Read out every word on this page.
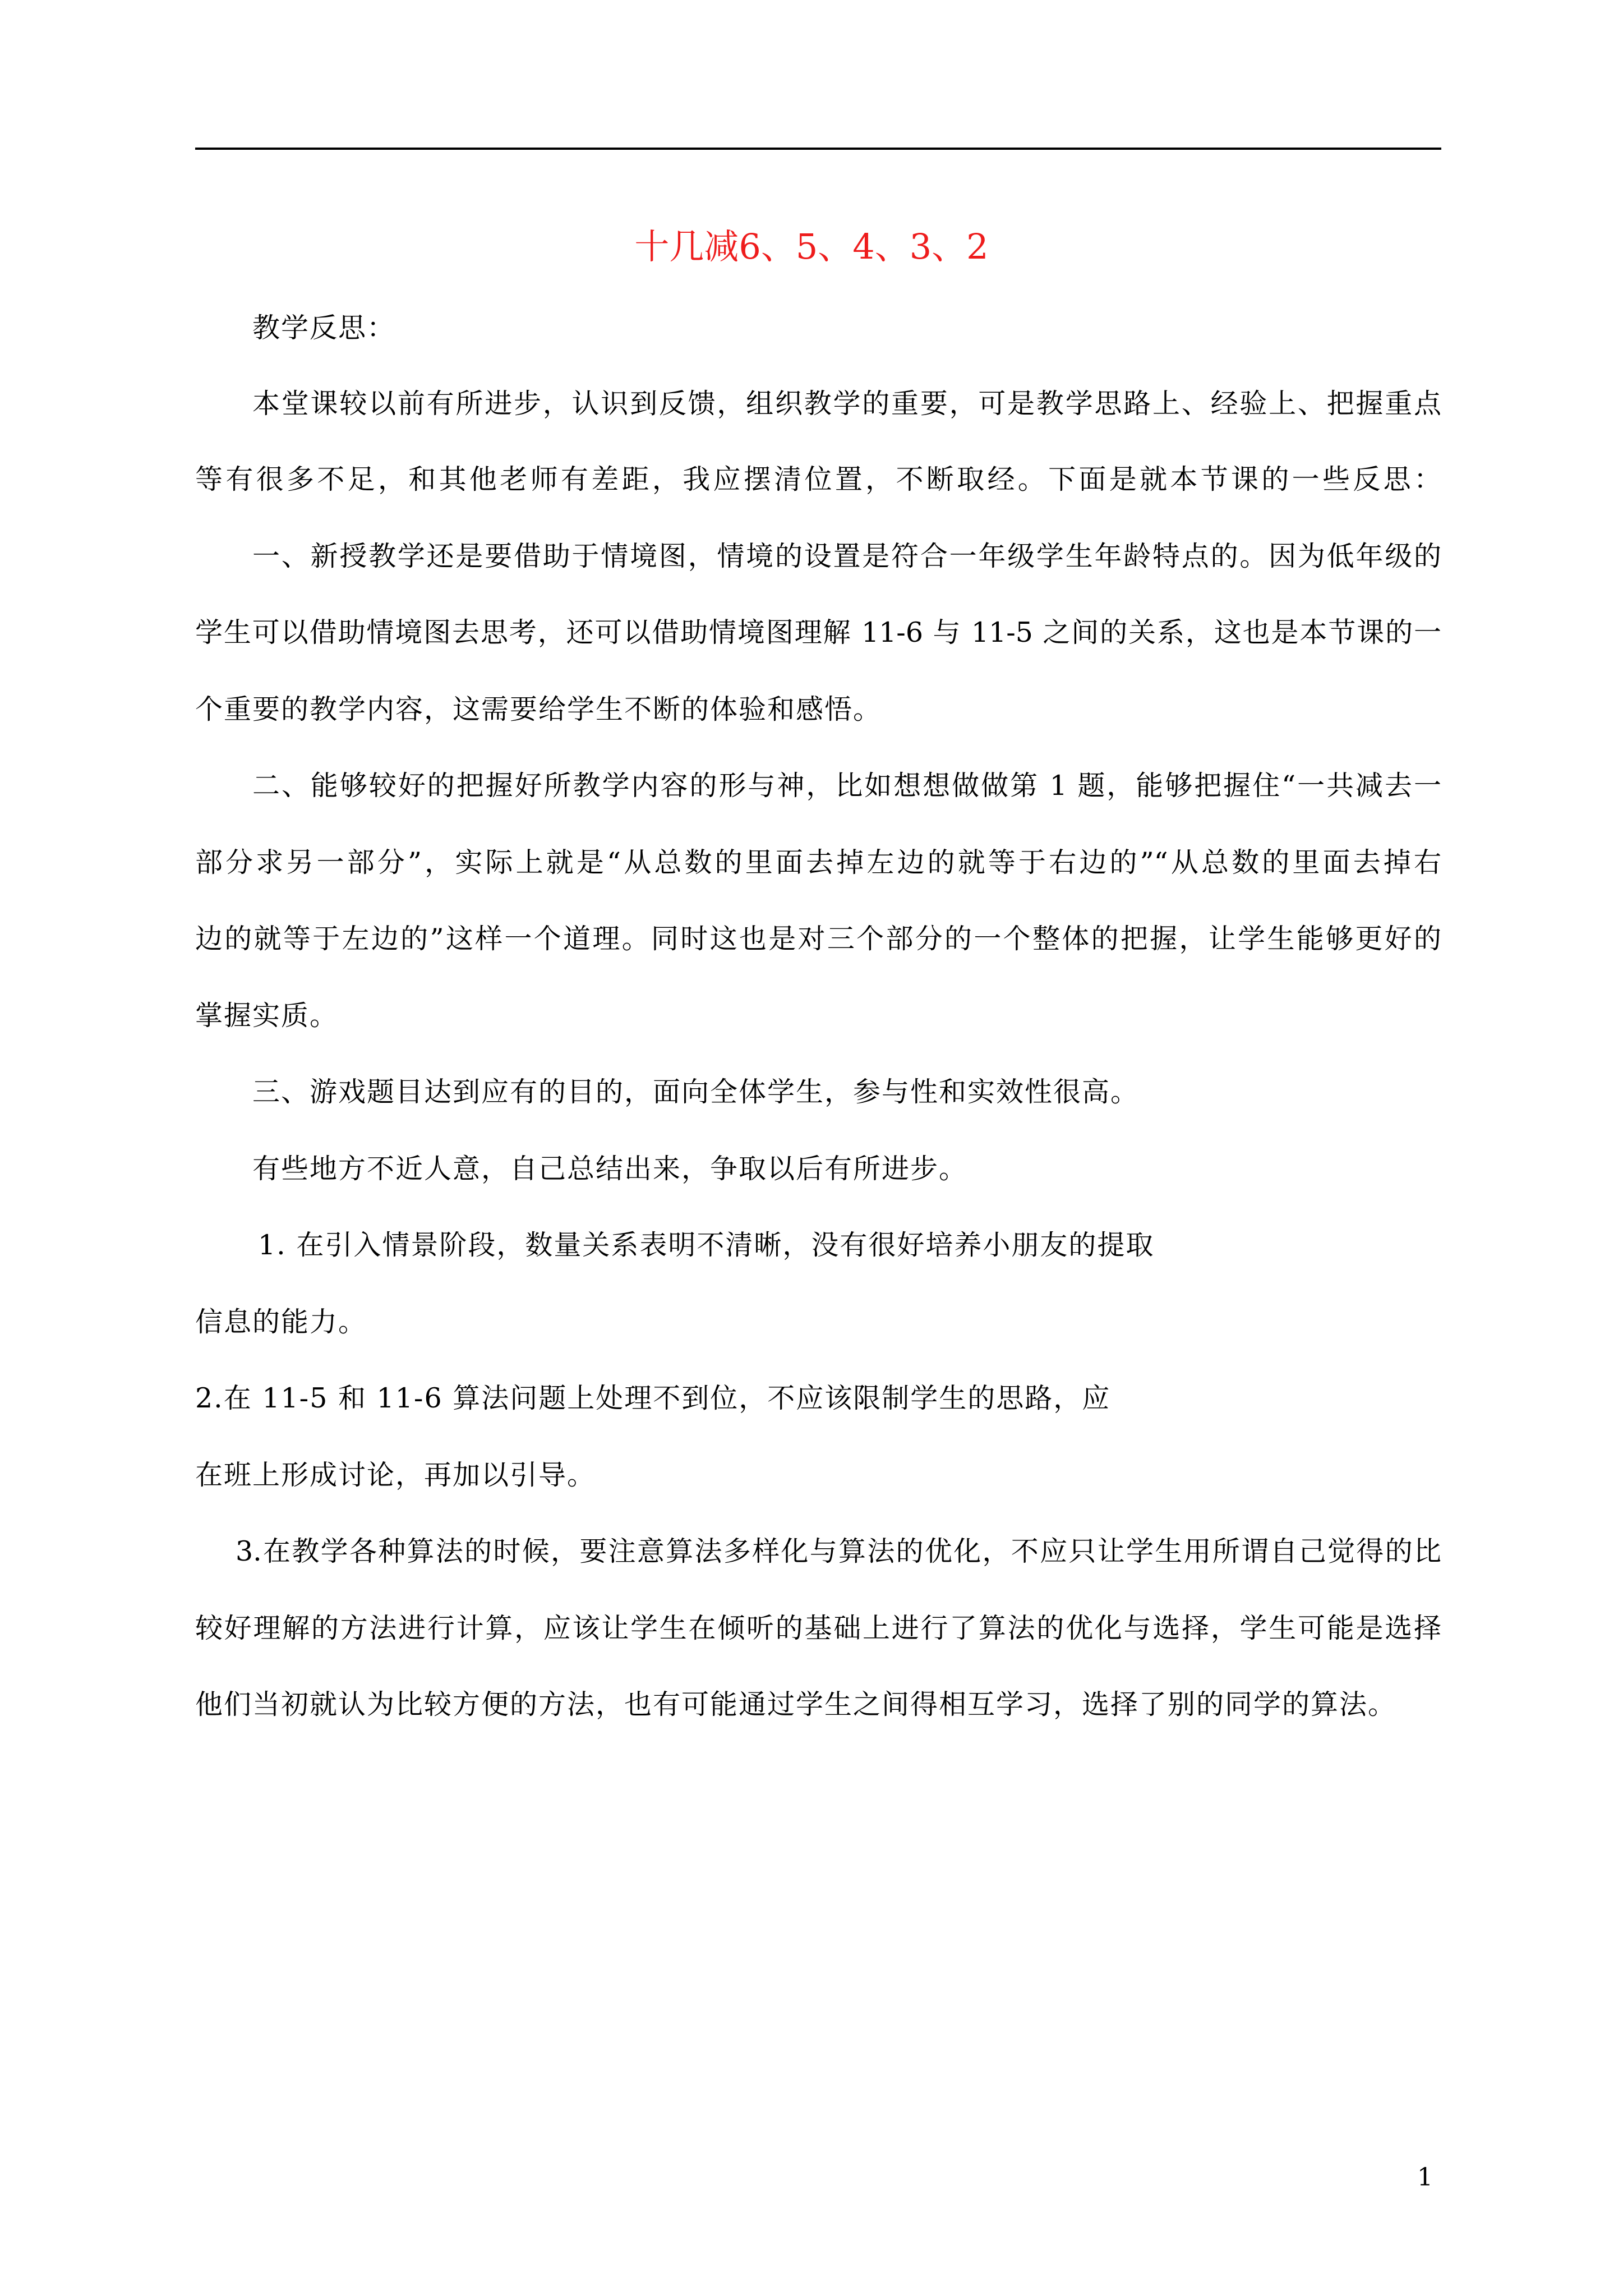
十几减6、5、4、3、2
教学反思：
本堂课较以前有所进步，认识到反馈，组织教学的重要，可是教学思路上、经验上、把握重点
等有很多不足，和其他老师有差距，我应摆清位置，不断取经。下面是就本节课的一些反思：
一、新授教学还是要借助于情境图，情境的设置是符合一年级学生年龄特点的。因为低年级的
学生可以借助情境图去思考，还可以借助情境图理解 11-6 与 11-5 之间的关系，这也是本节课的一
个重要的教学内容，这需要给学生不断的体验和感悟。
二、能够较好的把握好所教学内容的形与神，比如想想做做第 1 题，能够把握住“一共减去一
部分求另一部分”，实际上就是“从总数的里面去掉左边的就等于右边的”“从总数的里面去掉右
边的就等于左边的”这样一个道理。同时这也是对三个部分的一个整体的把握，让学生能够更好的
掌握实质。
三、游戏题目达到应有的目的，面向全体学生，参与性和实效性很高。
有些地方不近人意，自己总结出来，争取以后有所进步。
1. 在引入情景阶段，数量关系表明不清晰，没有很好培养小朋友的提取
信息的能力。
2.在 11-5 和 11-6 算法问题上处理不到位，不应该限制学生的思路，应
在班上形成讨论，再加以引导。
3.在教学各种算法的时候，要注意算法多样化与算法的优化，不应只让学生用所谓自己觉得的比
较好理解的方法进行计算，应该让学生在倾听的基础上进行了算法的优化与选择，学生可能是选择
他们当初就认为比较方便的方法，也有可能通过学生之间得相互学习，选择了别的同学的算法。
1
